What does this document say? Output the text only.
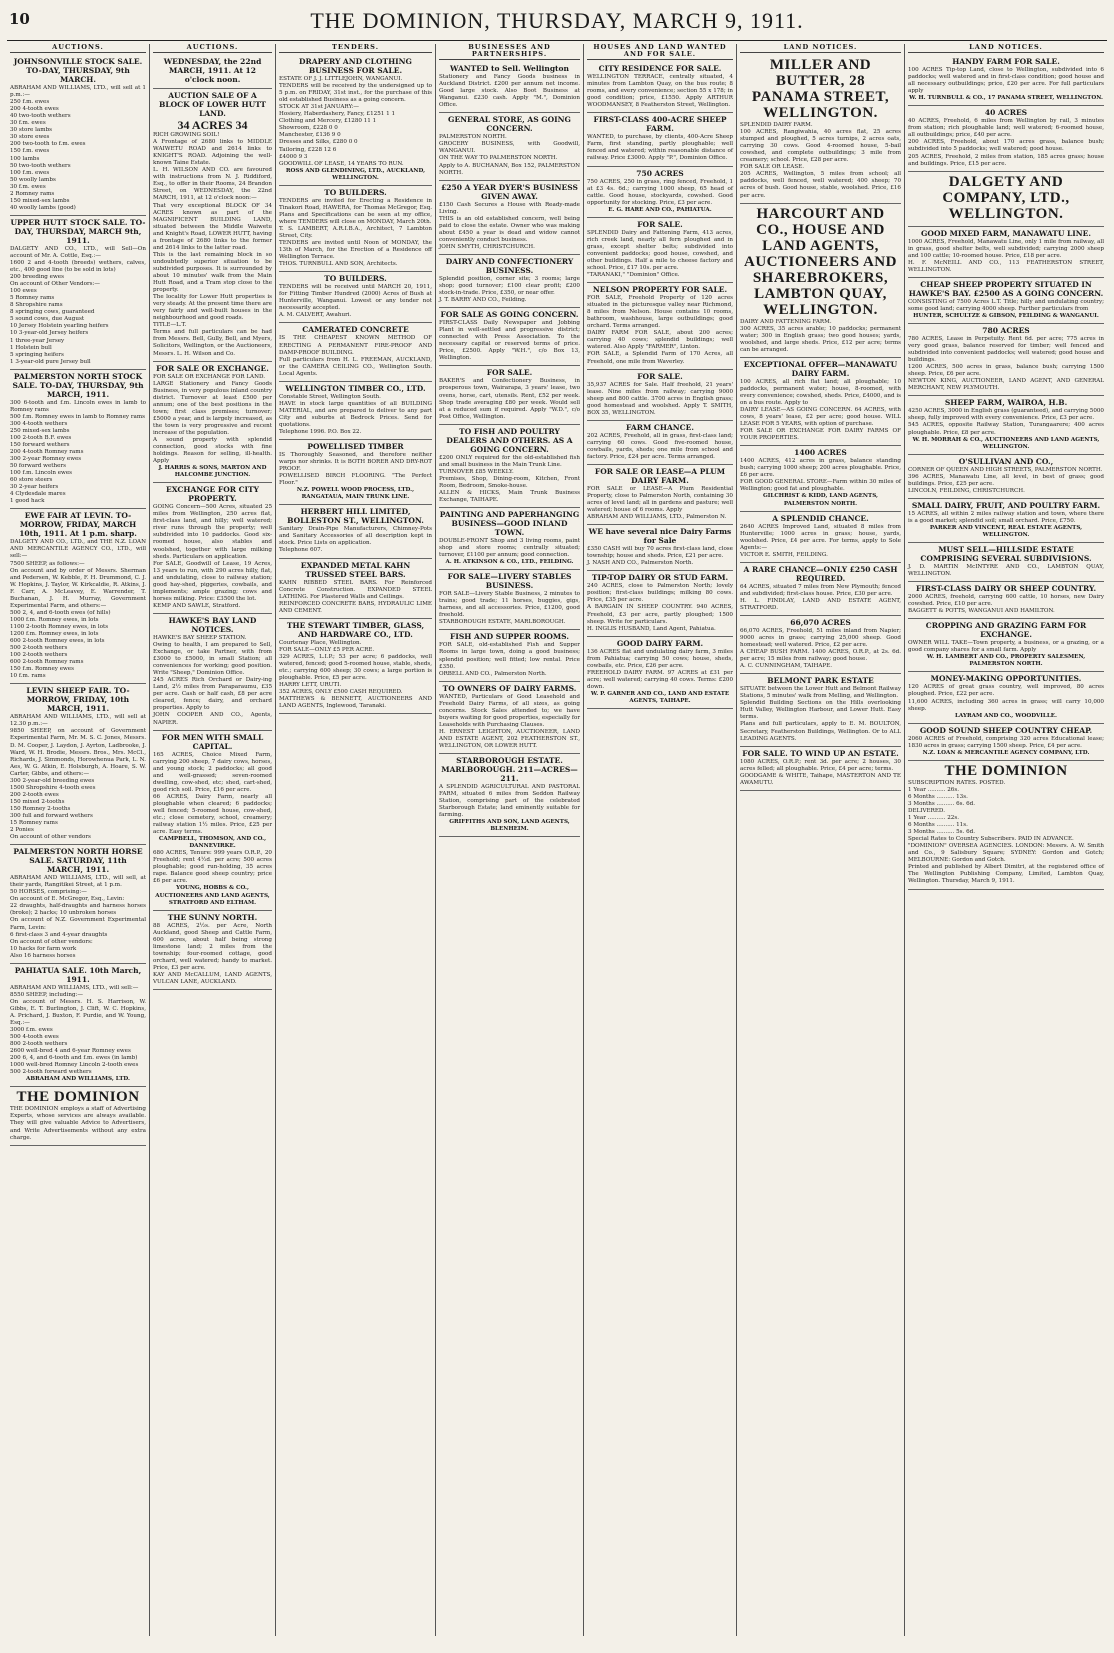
10	THE DOMINION, THURSDAY, MARCH 9, 1911.
AUCTIONS.
JOHNSONVILLE STOCK SALE. TO-DAY, THURSDAY, 9th MARCH.
ABRAHAM AND WILLIAMS, LTD., will sell at 1 p.m.:—
250 f.m. ewes
200 4-tooth ewes
40 two-tooth wethers
30 f.m. ewes
30 store lambs
30 store ewes
200 two-tooth to f.m. ewes
150 f.m. ewes
100 lambs
50 two-tooth wethers
100 f.m. ewes
50 woolly lambs
30 f.m. ewes
2 Romney rams
150 mixed-sex lambs
40 woolly lambs (good)
UPPER HUTT STOCK SALE. TO-DAY, THURSDAY, MARCH 9th, 1911.
DALGETY AND CO., LTD., will Sell—On account of Mr. A. Cottle, Esq.:—
1600 2 and 4-tooth (breeds) wethers, calves, etc., 400 good line (to be sold in lots)
200 breeding ewes
On account of Other Vendors:—
100 ewes
5 Romney rams
8 Shropshire rams
8 springing cows, guaranteed
5 sound cows, due August
10 Jersey Holstein yearling heifers
10 3-year-old Jersey heifers
1 three-year Jersey
1 Holstein bull
5 springing heifers
1 3-year-old pure Jersey bull
PALMERSTON NORTH STOCK SALE. TO-DAY, THURSDAY, 9th MARCH, 1911.
300 6-tooth and f.m. Lincoln ewes in lamb to Romney rams
500 f.m. Romney ewes in lamb to Romney rams
300 4-tooth wethers
250 mixed-sex lambs
100 2-tooth B.F. ewes
150 forward wethers
200 4-tooth Romney rams
300 2-year Romney ewes
50 forward wethers
100 f.m. Lincoln ewes
60 store steers
30 2-year heifers
4 Clydesdale mares
1 good hack
EWE FAIR AT LEVIN. TO-MORROW, FRIDAY, MARCH 10th, 1911. At 1 p.m. sharp.
DALGETY AND CO., LTD., and THE N.Z. LOAN AND MERCANTILE AGENCY CO., LTD., will sell:—
7500 SHEEP, as follows:—
On account and by order of Messrs. Sherman and Pedersen, W. Kebble, F. H. Drummond, C. J. W. Hopkins, J. Taylor, W. Kirkcaldie, R. Atkins, J. F. Carr, A. McLeavey, E. Warrender, T. Buchanan, J. H. Murray, Government Experimental Farm, and others:—
500 2, 4, and 6-tooth ewes (of hills)
1000 f.m. Romney ewes, in lots
1100 2-tooth Romney ewes, in lots
1200 f.m. Romney ewes, in lots
600 2-tooth Romney ewes, in lots
500 2-tooth wethers
100 2-tooth wethers
600 2-tooth Romney rams
150 f.m. Romney ewes
10 f.m. rams
LEVIN SHEEP FAIR. TO-MORROW, FRIDAY, 10th MARCH, 1911.
ABRAHAM AND WILLIAMS, LTD., will sell at 12.30 p.m.:—
9850 SHEEP, on account of Government Experimental Farm, Mr. M. S. C. Jones, Messrs. D. M. Cooper, J. Laydon, J. Ayrton, Ladbrooke, J. Ward, W. H. Brodie, Messrs. Bros., Mrs. McCl., Richards, J. Simmonds, Horowhenua Park, L. N. Aes, W. G. Atkin, E. Holsburgh, A. Hoare, S. W. Carter, Gibbs, and others:—
300 2-year-old breeding ewes
1500 Shropshire 4-tooth ewes
200 2-tooth ewes
150 mixed 2-tooths
150 Romney 2-tooths
300 full and forward wethers
15 Romney rams
2 Ponies
On account of other vendors
PALMERSTON NORTH HORSE SALE. SATURDAY, 11th MARCH, 1911.
ABRAHAM AND WILLIAMS, LTD., will sell, at their yards, Rangitikei Street, at 1 p.m.
50 HORSES, comprising:—
On account of E. McGregor, Esq., Levin:
22 draughts, half-draughts and harness horses (broke); 2 hacks; 10 unbroken horses
On account of N.Z. Government Experimental Farm, Levin:
6 first-class 3 and 4-year draughts
On account of other vendors:
10 hacks for farm work
Also 16 harness horses
PAHIATUA SALE. 10th March, 1911.
ABRAHAM AND WILLIAMS, LTD., will sell:—
8550 SHEEP, including:—
On account of Messrs. H. S. Harrison, W. Gibbs, E. T. Burlington, J. Clift, W. C. Hopkins, A. Prichard, J. Buxton, F. Purdie, and W. Young, Esq.:—
3000 f.m. ewes
500 4-tooth ewes
800 2-tooth wethers
2600 well-bred 4 and 6-year Romney ewes
200 6, 4, and 6-tooth and f.m. ewes (in lamb)
1000 well-bred Romney Lincoln 2-tooth ewes
500 2-tooth forward wethers
ABRAHAM AND WILLIAMS, LTD.
THE DOMINION
THE DOMINION employs a staff of Advertising Experts, whose services are always available. They will give valuable Advice to Advertisers, and Write Advertisements without any extra charge.
AUCTIONS.
WEDNESDAY, the 22nd MARCH, 1911. At 12 o'clock noon.
AUCTION SALE OF A BLOCK OF LOWER HUTT LAND.
34 ACRES 34
RICH GROWING SOIL!
A Frontage of 2680 links to MIDDLE WAIWETU ROAD and 2614 links to KNIGHT'S ROAD. Adjoining the well-known Taine Estate.
L. H. WILSON AND CO. are favoured with instructions from N. J. Riddiford, Esq., to offer in their Rooms, 24 Brandon Street, on WEDNESDAY, the 22nd MARCH, 1911, at 12 o'clock noon:—
That very exceptional BLOCK OF 34 ACRES known as part of the MAGNIFICENT BUILDING LAND, situated between the Middle Waiwetu and Knight's Road, LOWER HUTT, having a frontage of 2680 links to the former and 2614 links to the latter road.
This is the last remaining block in so undoubtedly superior situation to be subdivided purposes. It is surrounded by about 10 minutes' walk from the Main Hutt Road, and a Tram stop close to the property.
The locality for Lower Hutt properties is very steady. At the present time there are very fairly and well-built houses in the neighbourhood and good roads.
TITLE—L.T.
Terms and full particulars can be had from Messrs. Bell, Gully, Bell, and Myers, Solicitors, Wellington, or the Auctioneers, Messrs. L. H. Wilson and Co.
FOR SALE OR EXCHANGE.
FOR SALE OR EXCHANGE FOR LAND.
LARGE Stationery and Fancy Goods Business, in very populous inland country district. Turnover at least £500 per annum; one of the best positions in the town; first class premises; turnover; £5000 a year, and is largely increased, as the town is very progressive and recent increase of the population.
A sound property with splendid connection, good stocks with fine holdings. Reason for selling, ill-health. Apply
J. HARRIS & SONS, MARTON AND HALCOMBE JUNCTION.
EXCHANGE FOR CITY PROPERTY.
GOING Concern—500 Acres, situated 25 miles from Wellington, 250 acres flat, first-class land, and hilly; well watered; river runs through the property; well subdivided into 10 paddocks. Good six-roomed house, also stables and woolshed, together with large milking sheds. Particulars on application.
For SALE, Goodwill of Lease, 19 Acres, 13 years to run, with 290 acres hilly, flat, and undulating, close to railway station; good hay-shed, piggeries, cowbails, and implements; ample grazing; cows and horses milking. Price: £3500 the lot.
KEMP AND SAWLE, Stratford.
HAWKE'S BAY LAND NOTICES.
HAWKE'S BAY SHEEP STATION.
Owing to health, I am prepared to Sell, Exchange, or take Partner, with from £3000 to £5000, in small Station; all conveniences for working; good position. Write "Sheep," Dominion Office.
245 ACRES Rich Orchard or Dairy-ing Land, 2½ miles from Paraparaumu, £35 per acre. Cash or half cash, £8 per acre cleared, fence; dairy, and orchard properties. Apply to
JOHN COOPER AND CO., Agents, NAPIER.
FOR MEN WITH SMALL CAPITAL.
165 ACRES, Choice Mixed Farm, carrying 200 sheep, 7 dairy cows, horses, and young stock; 2 paddocks; all good and well-grassed; seven-roomed dwelling, cow-shed, etc; shed, cart-shed, good rich soil. Price, £16 per acre.
66 ACRES, Dairy Farm, nearly all ploughable when cleared; 6 paddocks; well fenced; 5-roomed house, cow-shed, etc.; close cemetery, school, creamery; railway station 1½ miles. Price, £25 per acre. Easy terms.
CAMPBELL, THOMSON, AND CO., DANNEVIRKE.
680 ACRES, Tenure: 999 years O.R.P., 20 Freehold; rent 4½d. per acre; 500 acres ploughable; good run-holding, 35 acres rape. Balance good sheep country; price £6 per acre.
YOUNG, HOBBS & CO., AUCTIONEERS AND LAND AGENTS, STRATFORD AND ELTHAM.
THE SUNNY NORTH.
88 ACRES, 2½s. per Acre, North Auckland, good Sheep and Cattle Farm, 600 acres, about half being strong limestone land; 2 miles from the township; four-roomed cottage, good orchard, well watered; handy to market. Price, £3 per acre.
KAY AND McCALLUM, LAND AGENTS, VULCAN LANE, AUCKLAND.
TENDERS.
DRAPERY AND CLOTHING BUSINESS FOR SALE.
ESTATE OF J. J. LITTLEJOHN, WANGANUI.
TENDERS will be received by the undersigned up to 5 p.m. on FRIDAY, 31st inst., for the purchase of this old established Business as a going concern.
STOCK AT 31st JANUARY:—
Hosiery, Haberdashery, Fancy, £1251 1 1
Clothing and Mercery, £1280 11 1
Showroom, £228 0 0
Manchester, £136 9 0
Dresses and Silks, £280 0 0
Tailoring, £228 12 6
£4000 9 3
GOODWILL OF LEASE, 14 YEARS TO RUN.
ROSS AND GLENDINING, LTD., AUCKLAND, WELLINGTON.
TO BUILDERS.
TENDERS are invited for Erecting a Residence in Tinakori Road, HAWERA, for Thomas McGregor, Esq. Plans and Specifications can be seen at my office, where TENDERS will close on MONDAY, March 20th.
T. S. LAMBERT, A.R.I.B.A., Architect, 7 Lambton Street, City.
TENDERS are invited until Noon of MONDAY, the 13th of March, for the Erection of a Residence off Wellington Terrace.
THOS. TURNBULL AND SON, Architects.
TO BUILDERS.
TENDERS will be received until MARCH 20, 1911, for Fitting Timber Hundred (2000) Acres of Bush at Hunterville, Wanganui. Lowest or any tender not necessarily accepted.
A. M. CALVERT, Awahuri.
CAMERATED CONCRETE
IS THE CHEAPEST KNOWN METHOD OF ERECTING A PERMANENT FIRE-PROOF AND DAMP-PROOF BUILDING.
Full particulars from H. L. FREEMAN, AUCKLAND, or the CAMERA CEILING CO., Wellington South. Local Agents.
WELLINGTON TIMBER CO., LTD.
Constable Street, Wellington South.
HAVE in stock large quantities of all BUILDING MATERIAL, and are prepared to deliver to any part City and suburbs at Bedrock Prices. Send for quotations.
Telephone 1996. P.O. Box 22.
POWELLISED TIMBER
IS Thoroughly Seasoned, and therefore neither warps nor shrinks. It is BOTH BORER AND DRY-ROT PROOF.
POWELLISED BIRCH FLOORING. "The Perfect Floor."
N.Z. POWELL WOOD PROCESS, LTD., RANGATAUA, MAIN TRUNK LINE.
HERBERT HILL LIMITED, BOLLESTON ST., WELLINGTON.
Sanitary Drain-Pipe Manufacturers, Chimney-Pots and Sanitary Accessories of all description kept in stock. Price Lists on application.
Telephone 607.
EXPANDED METAL KAHN TRUSSED STEEL BARS.
KAHN RIBBED STEEL BARS. For Reinforced Concrete Construction. EXPANDED STEEL LATHING. For Plastered Walls and Ceilings.
REINFORCED CONCRETE BARS, HYDRAULIC LIME AND CEMENT.
THE STEWART TIMBER, GLASS, AND HARDWARE CO., LTD.
Courtenay Place, Wellington.
FOR SALE—ONLY £5 PER ACRE.
329 ACRES, L.I.P.; 53 per acre; 6 paddocks, well watered, fenced; good 5-roomed house, stable, sheds, etc.; carrying 600 sheep; 30 cows; a large portion is ploughable. Price, £5 per acre.
HARRY LETT, URUTI.
352 ACRES, ONLY £500 CASH REQUIRED.
MATTHEWS & BENNETT, AUCTIONEERS AND LAND AGENTS, Inglewood, Taranaki.
BUSINESSES AND PARTNERSHIPS.
WANTED to Sell. Wellington
Stationery and Fancy Goods business in Auckland District. £200 per annum net income. Good large stock. Also Boot Business at Wanganui. £230 cash. Apply "M.", Dominion Office.
GENERAL STORE, AS GOING CONCERN.
PALMERSTON NORTH.
GROCERY BUSINESS, with Goodwill, WANGANUI.
ON THE WAY TO PALMERSTON NORTH.
Apply to A. BUCHANAN, Box 152, PALMERSTON NORTH.
£250 A YEAR DYER'S BUSINESS GIVEN AWAY.
£150 Cash Secures a House with Ready-made Living.
THIS is an old established concern, well being paid to close the estate. Owner who was making about £450 a year is dead and widow cannot conveniently conduct business.
JOHN SMYTH, CHRISTCHURCH.
DAIRY AND CONFECTIONERY BUSINESS.
Splendid position, corner site; 3 rooms; large shop; good turnover; £100 clear profit; £200 stock-in-trade. Price, £350, or near offer.
J. T. BARRY AND CO., Feilding.
FOR SALE AS GOING CONCERN.
FIRST-CLASS Daily Newspaper and Jobbing Plant in well-settled and progressive district; connected with Press Association. To the necessary capital or reserved terms of price. Price, £2500. Apply "W.H.", c/o Box 13, Wellington.
FOR SALE.
BAKER'S and Confectionery Business, in prosperous town, Wairarapa, 3 years' lease, two ovens, horse, cart, utensils. Rent, £52 per week. Shop trade averaging £80 per week. Would sell at a reduced sum if required. Apply "W.D.", c/o Post Office, Wellington.
TO FISH AND POULTRY DEALERS AND OTHERS. AS A GOING CONCERN.
£200 ONLY required for the old-established fish and small business in the Main Trunk Line.
TURNOVER £85 WEEKLY.
Premises, Shop, Dining-room, Kitchen, Front Room, Bedroom, Smoke-house.
ALLEN & HICKS, Main Trunk Business Exchange, TAIHAPE.
PAINTING AND PAPERHANGING BUSINESS—GOOD INLAND TOWN.
DOUBLE-FRONT Shop and 3 living rooms, paint shop and store rooms; centrally situated; turnover, £1100 per annum; good connection.
A. H. ATKINSON & CO., LTD., FEILDING.
FOR SALE—LIVERY STABLES BUSINESS.
FOR SALE—Livery Stable Business, 2 minutes to trains; good trade; 11 horses, buggies, gigs, harness, and all accessories. Price, £1200, good freehold.
STARBOROUGH ESTATE, MARLBOROUGH.
FISH AND SUPPER ROOMS.
FOR SALE, old-established Fish and Supper Rooms in large town, doing a good business; splendid position; well fitted; low rental. Price £350.
ORBELL AND CO., Palmerston North.
TO OWNERS OF DAIRY FARMS.
WANTED, Particulars of Good Leasehold and Freehold Dairy Farms, of all sizes, as going concerns. Stock Sales attended to; we have buyers waiting for good properties, especially for Leaseholds with Purchasing Clauses.
H. ERNEST LEIGHTON, AUCTIONEER, LAND AND ESTATE AGENT, 202 FEATHERSTON ST., WELLINGTON, OR LOWER HUTT.
STARBOROUGH ESTATE. MARLBOROUGH. 211—ACRES—211.
A SPLENDID AGRICULTURAL AND PASTORAL FARM, situated 6 miles from Seddon Railway Station, comprising part of the celebrated Starborough Estate; land eminently suitable for farming.
GRIFFITHS AND SON, LAND AGENTS, BLENHEIM.
HOUSES AND LAND WANTED AND FOR SALE.
CITY RESIDENCE FOR SALE.
WELLINGTON TERRACE, centrally situated, 4 minutes from Lambton Quay, on the bus route; 8 rooms, and every convenience; section 55 x 178; in good condition; price, £1550. Apply ARTHUR WOODMANSEY, 8 Featherston Street, Wellington.
FIRST-CLASS 400-ACRE SHEEP FARM.
WANTED, to purchase, by clients, 400-Acre Sheep Farm, first standing, partly ploughable; well fenced and watered; within reasonable distance of railway. Price £3000. Apply "P.", Dominion Office.
750 ACRES
750 ACRES, 250 in grass, ring fenced, Freehold, 1 at £3 4s. 6d.; carrying 1000 sheep, 65 head of cattle. Good house, stockyards, cowshed. Good opportunity for stocking. Price, £3 per acre.
E. G. HARE AND CO., PAHIATUA.
FOR SALE.
SPLENDID Dairy and Fattening Farm, 413 acres, rich creek land, nearly all fern ploughed and in grass, except shelter belts; subdivided into convenient paddocks; good house, cowshed, and other buildings. Half a mile to cheese factory and school. Price, £17 10s. per acre.
"TARANAKI," "Dominion" Office.
NELSON PROPERTY FOR SALE.
FOR SALE, Freehold Property of 120 acres situated in the picturesque valley near Richmond, 8 miles from Nelson. House contains 10 rooms, bathroom, washhouse, large outbuildings; good orchard. Terms arranged.
DAIRY FARM FOR SALE, about 200 acres; carrying 40 cows; splendid buildings; well watered. Also Apply "FARMER", Linton.
FOR SALE, a Splendid Farm of 170 Acres, all Freehold, one mile from Waverley.
FOR SALE.
35,937 ACRES for Sale. Half freehold, 21 years' lease. Nine miles from railway; carrying 9000 sheep and 800 cattle. 3700 acres in English grass; good homestead and woolshed. Apply T. SMITH, BOX 35, WELLINGTON.
FARM CHANCE.
202 ACRES, Freehold, all in grass, first-class land; carrying 60 cows. Good five-roomed house, cowbails, yards, sheds; one mile from school and factory. Price, £24 per acre. Terms arranged.
FOR SALE OR LEASE—A PLUM DAIRY FARM.
FOR SALE or LEASE—A Plum Residential Property, close to Palmerston North, containing 30 acres of level land; all in gardens and pasture; well watered; house of 6 rooms. Apply
ABRAHAM AND WILLIAMS, LTD., Palmerston N.
WE have several nice Dairy Farms for Sale
£350 CASH will buy 70 acres first-class land, close township; house and sheds. Price, £21 per acre.
J. NASH AND CO., Palmerston North.
TIP-TOP DAIRY OR STUD FARM.
240 ACRES, close to Palmerston North; lovely position; first-class buildings; milking 80 cows. Price, £35 per acre.
A BARGAIN IN SHEEP COUNTRY. 940 ACRES, Freehold, £3 per acre, partly ploughed; 1500 sheep. Write for particulars.
H. INGLIS HUSBAND, Land Agent, Pahiatua.
GOOD DAIRY FARM.
136 ACRES flat and undulating dairy farm, 3 miles from Pahiatua; carrying 50 cows; house, sheds, cowbails, etc. Price, £26 per acre.
FREEHOLD DAIRY FARM. 97 ACRES at £31 per acre; well watered; carrying 40 cows. Terms: £200 down.
W. P. GARNER AND CO., LAND AND ESTATE AGENTS, TAIHAPE.
LAND NOTICES.
MILLER AND BUTTER, 28 PANAMA STREET, WELLINGTON.
SPLENDID DAIRY FARM.
100 ACRES, Rangiwahia, 40 acres flat, 25 acres stumped and ploughed, 5 acres turnips, 2 acres oats, carrying 30 cows. Good 4-roomed house, 5-bail cowshed, and complete outbuildings; 3 mile from creamery; school. Price, £28 per acre.
FOR SALE OR LEASE.
205 ACRES, Wellington, 5 miles from school; all paddocks, well fenced, well watered; 400 sheep; 70 acres of bush. Good house, stable, woolshed. Price, £16 per acre.
HARCOURT AND CO., HOUSE AND LAND AGENTS, AUCTIONEERS AND SHAREBROKERS, LAMBTON QUAY, WELLINGTON.
DAIRY AND FATTENING FARM.
300 ACRES, 35 acres arable; 10 paddocks; permanent water; 300 in English grass; two good houses; yards, woolshed, and large sheds. Price, £12 per acre; terms can be arranged.
EXCEPTIONAL OFFER—MANAWATU DAIRY FARM.
100 ACRES, all rich flat land; all ploughable; 10 paddocks, permanent water; house, 8-roomed, with every convenience; cowshed, sheds. Price, £4000, and is on a bus route. Apply to
DAIRY LEASE—AS GOING CONCERN. 64 ACRES, with cows, 8 years' lease, £2 per acre; good house. WILL LEASE FOR 5 YEARS, with option of purchase.
FOR SALE OR EXCHANGE FOR DAIRY FARMS OF YOUR PROPERTIES.
1400 ACRES
1400 ACRES, 412 acres in grass, balance standing bush; carrying 1000 sheep; 200 acres ploughable. Price, £6 per acre.
FOR GOOD GENERAL STORE—Farm within 30 miles of Wellington; good fat and ploughable.
GILCHRIST & KIDD, LAND AGENTS, PALMERSTON NORTH.
A SPLENDID CHANCE.
2640 ACRES Improved Land, situated 8 miles from Hunterville; 1000 acres in grass; house, yards, woolshed. Price, £4 per acre. For terms, apply to Sole Agents:—
VICTOR E. SMITH, FEILDING.
A RARE CHANCE—ONLY £250 CASH REQUIRED.
64 ACRES, situated 7 miles from New Plymouth; fenced and subdivided; first-class house. Price, £30 per acre.
H. L. FINDLAY, LAND AND ESTATE AGENT, STRATFORD.
66,070 ACRES
66,070 ACRES, Freehold, 51 miles inland from Napier; 9000 acres in grass; carrying 25,000 sheep. Good homestead; well watered. Price, £2 per acre.
A CHEAP BUSH FARM. 1400 ACRES, O.R.P., at 2s. 6d. per acre; 15 miles from railway; good house.
A. C. CUNNINGHAM, TAIHAPE.
BELMONT PARK ESTATE
SITUATE between the Lower Hutt and Belmont Railway Stations, 5 minutes' walk from Melling, and Wellington.
Splendid Building Sections on the Hills overlooking Hutt Valley, Wellington Harbour, and Lower Hutt. Easy terms.
Plans and full particulars, apply to E. M. BOULTON, Secretary, Featherston Buildings, Wellington. Or to ALL LEADING AGENTS.
FOR SALE. TO WIND UP AN ESTATE.
1080 ACRES, O.R.P.; rent 3d. per acre; 2 houses, 30 acres felled; all ploughable. Price, £4 per acre; terms.
GOODGAME & WHITE, Taihape, MASTERTON AND TE AWAMUTU.
LAND NOTICES.
HANDY FARM FOR SALE.
100 ACRES Tip-top Land, close to Wellington, subdivided into 6 paddocks; well watered and in first-class condition; good house and all necessary outbuildings; price, £20 per acre. For full particulars apply
W. H. TURNBULL & CO., 17 PANAMA STREET, WELLINGTON.
40 ACRES
40 ACRES, Freehold, 6 miles from Wellington by rail, 3 minutes from station; rich ploughable land; well watered; 6-roomed house, all outbuildings; price, £40 per acre.
200 ACRES, Freehold, about 170 acres grass, balance bush; subdivided into 5 paddocks; well watered; good house.
205 ACRES, Freehold, 2 miles from station, 185 acres grass; house and buildings. Price, £15 per acre.
DALGETY AND COMPANY, LTD., WELLINGTON.
GOOD MIXED FARM, MANAWATU LINE.
1000 ACRES, Freehold, Manawatu Line, only 1 mile from railway, all in grass, good shelter belts, well subdivided; carrying 2000 sheep and 100 cattle; 10-roomed house. Price, £18 per acre.
H. F. McNEILL AND CO., 113 FEATHERSTON STREET, WELLINGTON.
CHEAP SHEEP PROPERTY SITUATED IN HAWKE'S BAY. £2500 AS A GOING CONCERN.
CONSISTING of 7500 Acres L.T. Title; hilly and undulating country; some good land; carrying 4000 sheep. Further particulars from
HUNTER, SCHULTZE & GIBSON, FEILDING & WANGANUI.
780 ACRES
780 ACRES, Lease in Perpetuity. Rent 6d. per acre; 775 acres in very good grass, balance reserved for timber; well fenced and subdivided into convenient paddocks; well watered; good house and buildings.
1200 ACRES, 500 acres in grass, balance bush; carrying 1500 sheep. Price, £6 per acre.
NEWTON KING, AUCTIONEER, LAND AGENT, AND GENERAL MERCHANT, NEW PLYMOUTH.
SHEEP FARM, WAIROA, H.B.
4250 ACRES, 3000 in English grass (guaranteed), and carrying 5000 sheep, fully improved with every convenience. Price, £3 per acre.
545 ACRES, opposite Railway Station, Turangaarere; 400 acres ploughable. Price, £8 per acre.
W. H. MORRAH & CO., AUCTIONEERS AND LAND AGENTS, WELLINGTON.
O'SULLIVAN AND CO.,
CORNER OF QUEEN AND HIGH STREETS, PALMERSTON NORTH.
396 ACRES, Manawatu Line, all level, in best of grass; good buildings. Price, £25 per acre.
LINCOLN, FEILDING, CHRISTCHURCH.
SMALL DAIRY, FRUIT, AND POULTRY FARM.
15 ACRES, all within 2 miles railway station and town, where there is a good market; splendid soil; small orchard. Price, £750.
PARKER AND VINCENT, REAL ESTATE AGENTS, WELLINGTON.
MUST SELL—HILLSIDE ESTATE COMPRISING SEVERAL SUBDIVISIONS.
J. D. MARTIN McINTYRE AND CO., LAMBTON QUAY, WELLINGTON.
FIRST-CLASS DAIRY OR SHEEP COUNTRY.
2000 ACRES, freehold, carrying 600 cattle, 10 horses, new Dairy cowshed. Price, £10 per acre.
BAGGETT & POTTS, WANGANUI AND HAMILTON.
CROPPING AND GRAZING FARM FOR EXCHANGE.
OWNER WILL TAKE—Town property, a business, or a grazing, or a good company shares for a small farm. Apply
W. H. LAMBERT AND CO., PROPERTY SALESMEN, PALMERSTON NORTH.
MONEY-MAKING OPPORTUNITIES.
120 ACRES of great grass country, well improved, 80 acres ploughed. Price, £22 per acre.
11,600 ACRES, including 360 acres in grass; will carry 10,000 sheep.
LAYRAM AND CO., WOODVILLE.
GOOD SOUND SHEEP COUNTRY CHEAP.
2060 ACRES of Freehold, comprising 320 acres Educational lease; 1830 acres in grass; carrying 1500 sheep. Price, £4 per acre.
N.Z. LOAN & MERCANTILE AGENCY COMPANY, LTD.
THE DOMINION
SUBSCRIPTION RATES. POSTED.
1 Year .......... 26s.
6 Months .......... 13s.
3 Months .......... 6s. 6d.
DELIVERED.
1 Year .......... 22s.
6 Months .......... 11s.
3 Months .......... 5s. 6d.
Special Rates to Country Subscribers. PAID IN ADVANCE.
"DOMINION" OVERSEA AGENCIES. LONDON: Messrs. A. W. Smith and Co., 9 Salisbury Square; SYDNEY: Gordon and Gotch; MELBOURNE: Gordon and Gotch.
Printed and published by Albert Dimitri, at the registered office of The Wellington Publishing Company, Limited, Lambton Quay, Wellington. Thursday, March 9, 1911.
